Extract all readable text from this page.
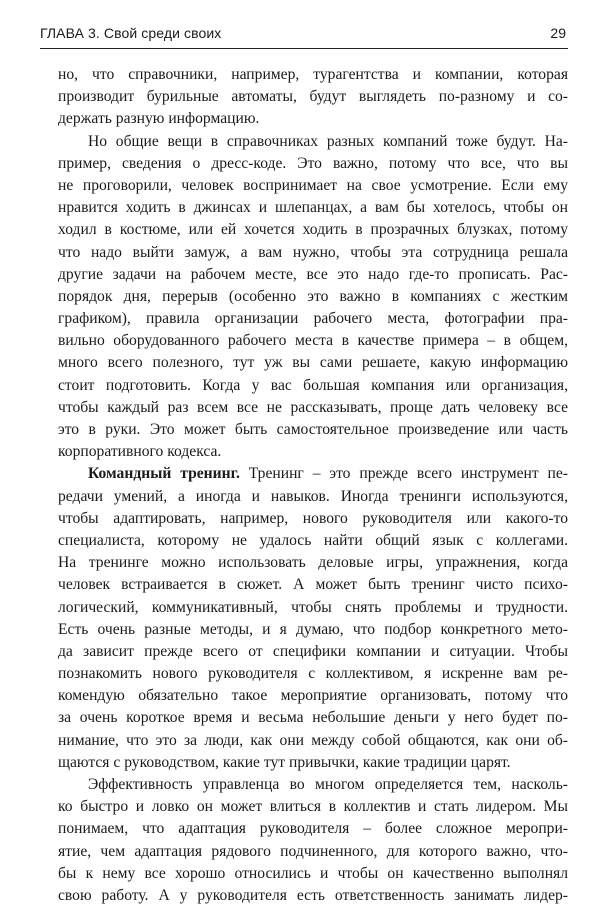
ГЛАВА 3. Свой среди своих	29
но, что справочники, например, турагентства и компании, которая
производит бурильные автоматы, будут выглядеть по-разному и со-
держать разную информацию.
Но общие вещи в справочниках разных компаний тоже будут. На-
пример, сведения о дресс-коде. Это важно, потому что все, что вы
не проговорили, человек воспринимает на свое усмотрение. Если ему
нравится ходить в джинсах и шлепанцах, а вам бы хотелось, чтобы он
ходил в костюме, или ей хочется ходить в прозрачных блузках, потому
что надо выйти замуж, а вам нужно, чтобы эта сотрудница решала
другие задачи на рабочем месте, все это надо где-то прописать. Рас-
порядок дня, перерыв (особенно это важно в компаниях с жестким
графиком), правила организации рабочего места, фотографии пра-
вильно оборудованного рабочего места в качестве примера – в общем,
много всего полезного, тут уж вы сами решаете, какую информацию
стоит подготовить. Когда у вас большая компания или организация,
чтобы каждый раз всем все не рассказывать, проще дать человеку все
это в руки. Это может быть самостоятельное произведение или часть
корпоративного кодекса.
Командный тренинг. Тренинг – это прежде всего инструмент пе-
редачи умений, а иногда и навыков. Иногда тренинги используются,
чтобы адаптировать, например, нового руководителя или какого-то
специалиста, которому не удалось найти общий язык с коллегами.
На тренинге можно использовать деловые игры, упражнения, когда
человек встраивается в сюжет. А может быть тренинг чисто психо-
логический, коммуникативный, чтобы снять проблемы и трудности.
Есть очень разные методы, и я думаю, что подбор конкретного мето-
да зависит прежде всего от специфики компании и ситуации. Чтобы
познакомить нового руководителя с коллективом, я искренне вам ре-
комендую обязательно такое мероприятие организовать, потому что
за очень короткое время и весьма небольшие деньги у него будет по-
нимание, что это за люди, как они между собой общаются, как они об-
щаются с руководством, какие тут привычки, какие традиции царят.
Эффективность управленца во многом определяется тем, насколь-
ко быстро и ловко он может влиться в коллектив и стать лидером. Мы
понимаем, что адаптация руководителя – более сложное меропри-
ятие, чем адаптация рядового подчиненного, для которого важно, что-
бы к нему все хорошо относились и чтобы он качественно выполнял
свою работу. А у руководителя есть ответственность занимать лидер-
